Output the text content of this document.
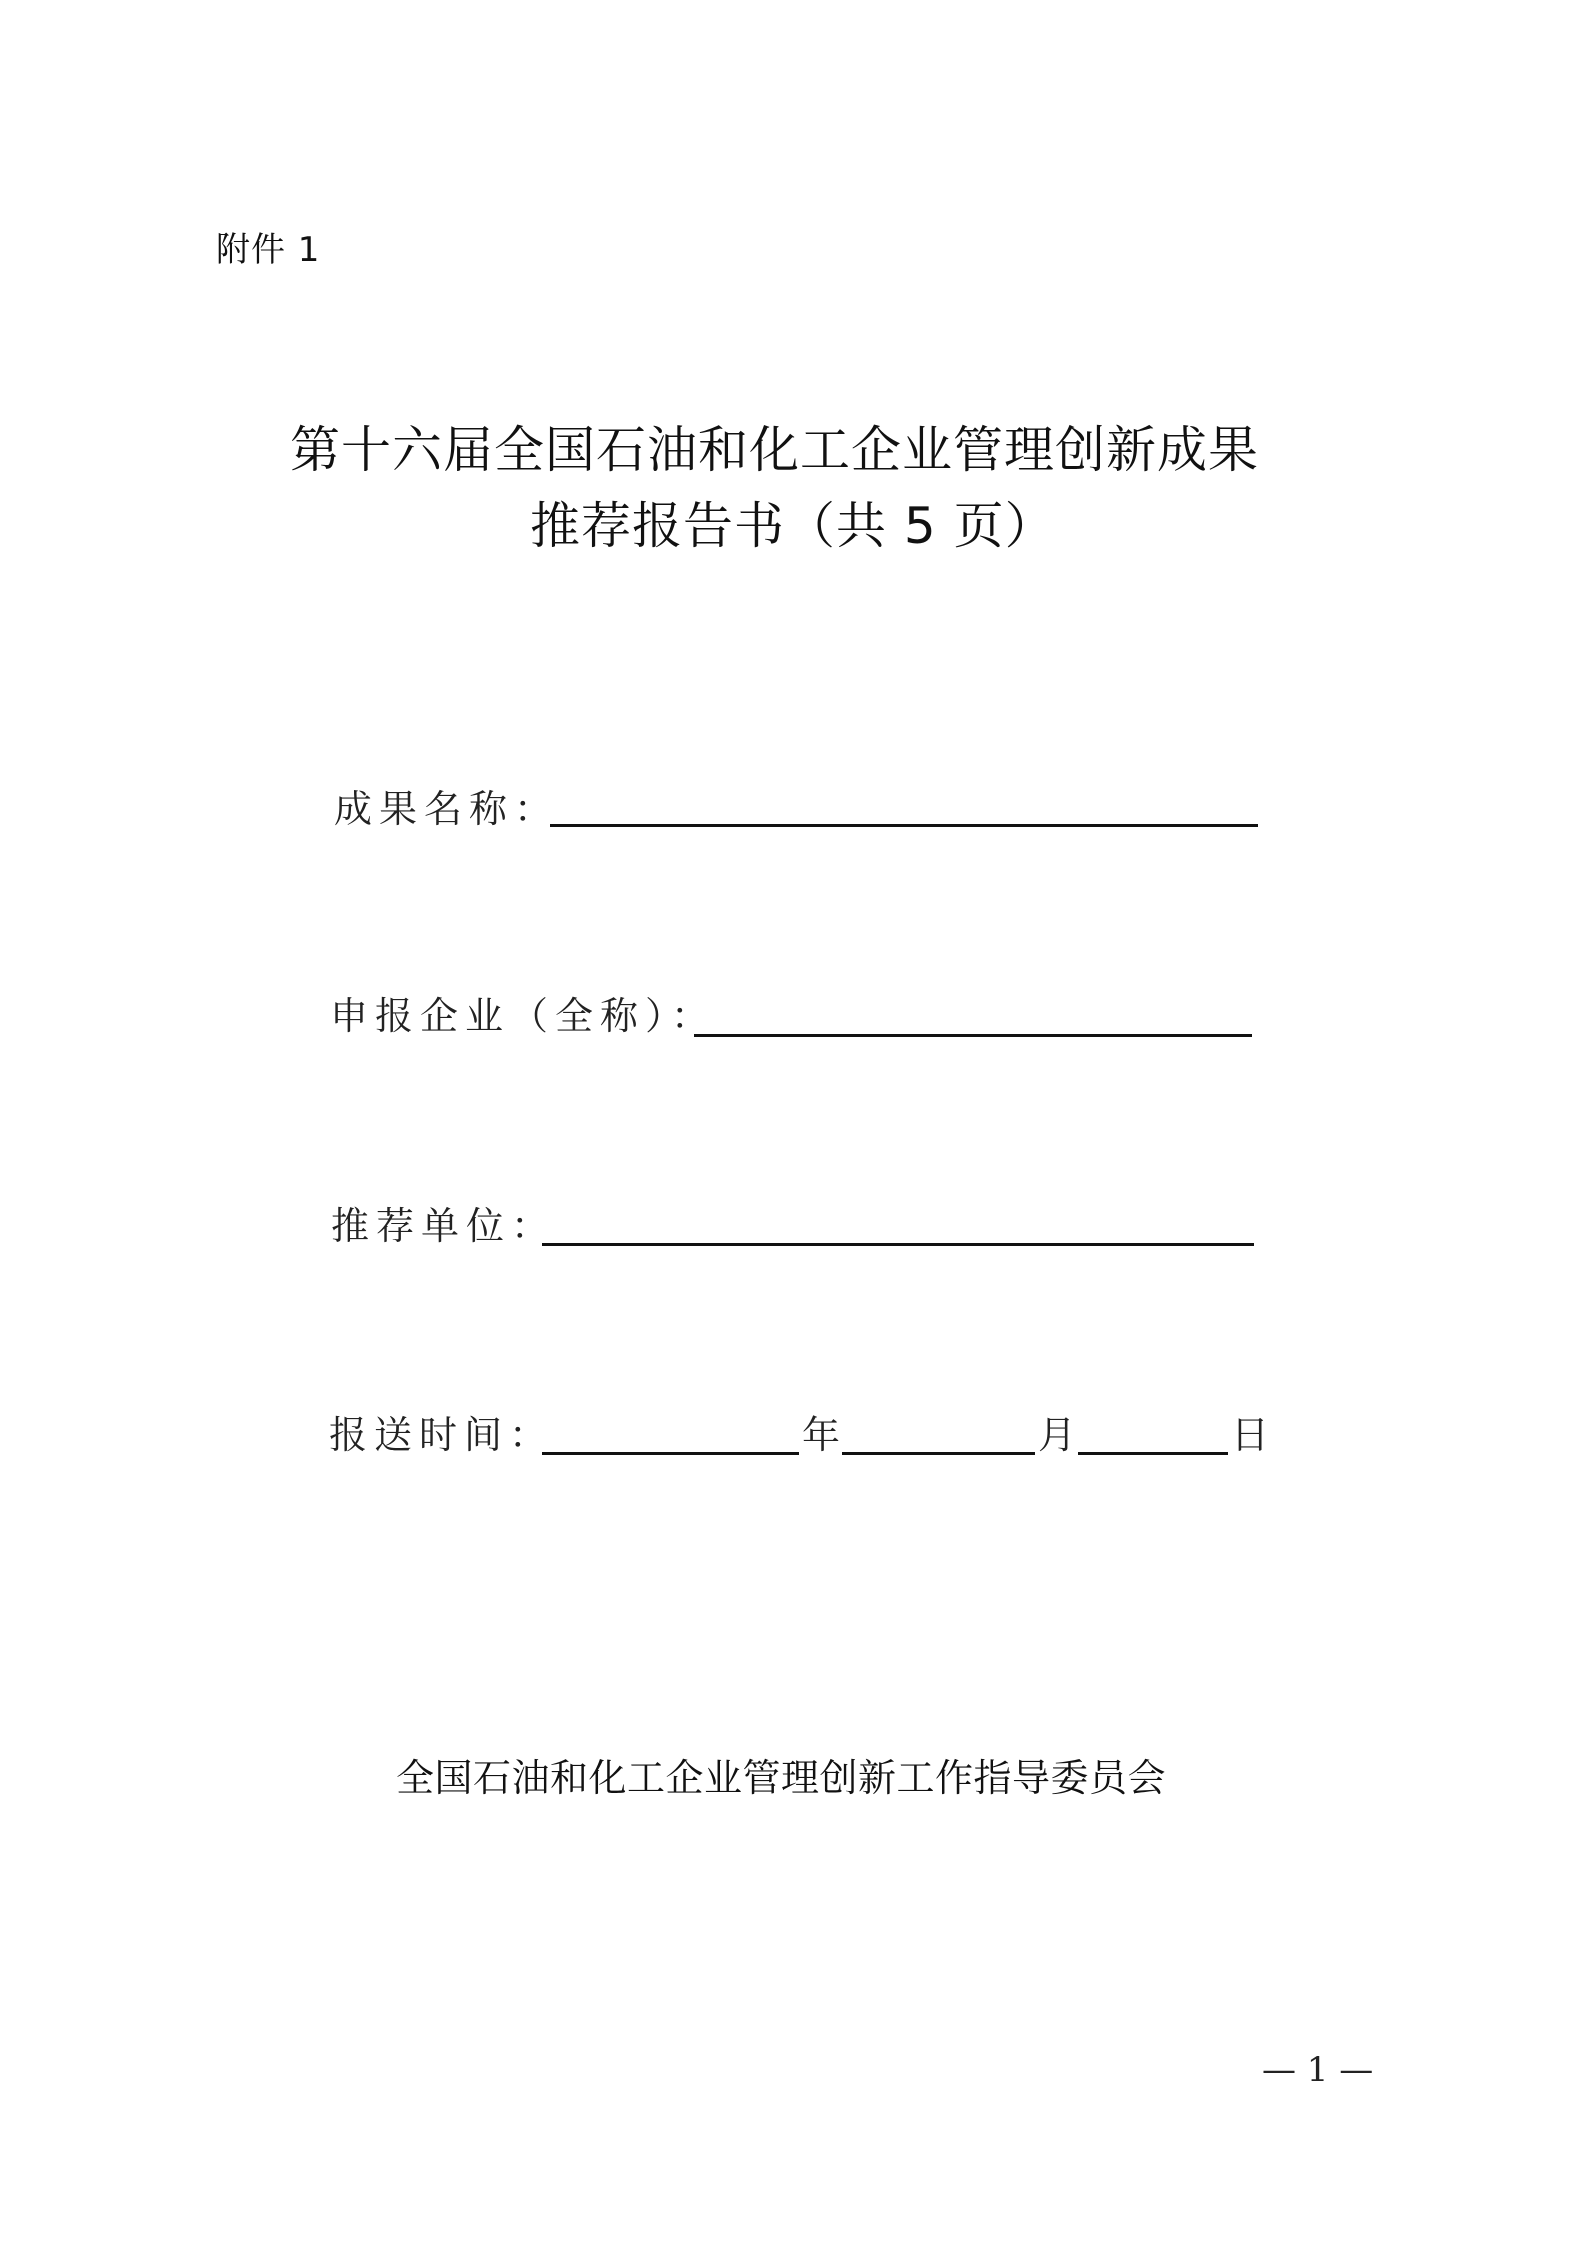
附件 1
第十六届全国石油和化工企业管理创新成果
推荐报告书（共 5 页）
成果名称：
申报企业（全称）：
推荐单位：
报送时间：	年	月	日
全国石油和化工企业管理创新工作指导委员会
— 1 —
